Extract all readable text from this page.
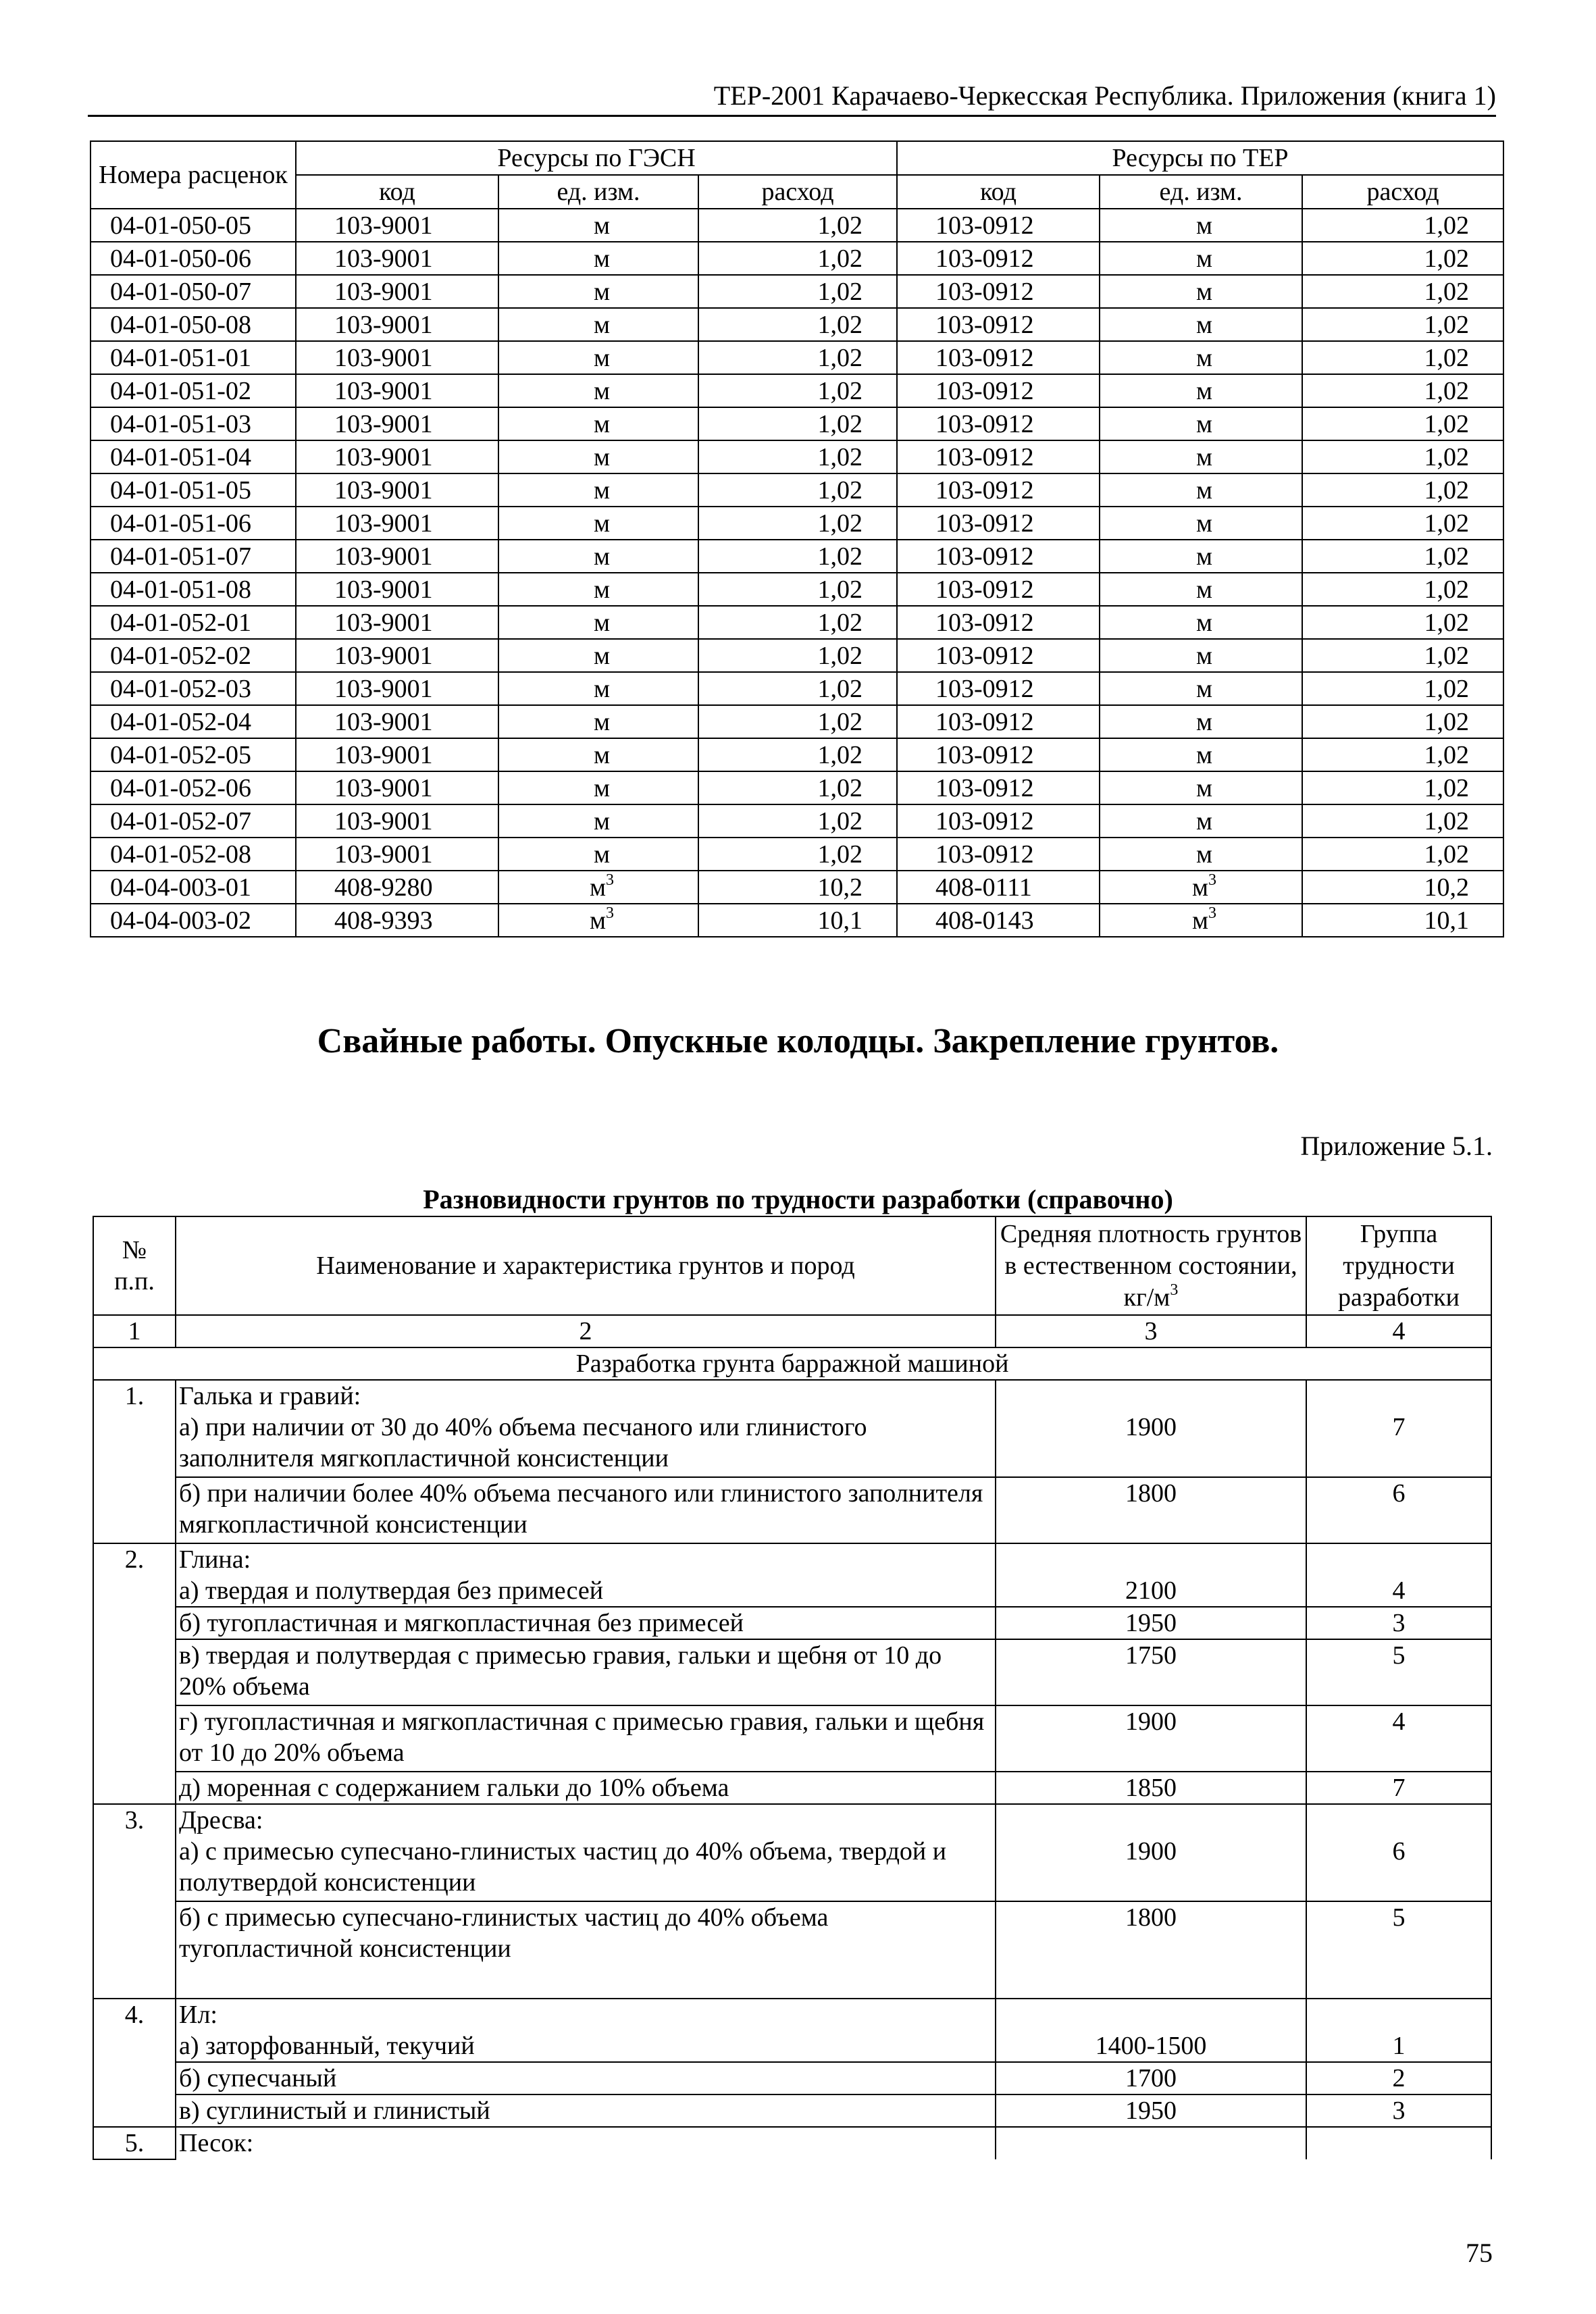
ТЕР-2001 Карачаево-Черкесская Республика. Приложения (книга 1)
Номера расценок	Ресурсы по ГЭСН			Ресурсы по ТЕР		
	код	ед. изм.	расход	код	ед. изм.	расход
04-01-050-05	103-9001	м	1,02	103-0912	м	1,02
04-01-050-06	103-9001	м	1,02	103-0912	м	1,02
04-01-050-07	103-9001	м	1,02	103-0912	м	1,02
04-01-050-08	103-9001	м	1,02	103-0912	м	1,02
04-01-051-01	103-9001	м	1,02	103-0912	м	1,02
04-01-051-02	103-9001	м	1,02	103-0912	м	1,02
04-01-051-03	103-9001	м	1,02	103-0912	м	1,02
04-01-051-04	103-9001	м	1,02	103-0912	м	1,02
04-01-051-05	103-9001	м	1,02	103-0912	м	1,02
04-01-051-06	103-9001	м	1,02	103-0912	м	1,02
04-01-051-07	103-9001	м	1,02	103-0912	м	1,02
04-01-051-08	103-9001	м	1,02	103-0912	м	1,02
04-01-052-01	103-9001	м	1,02	103-0912	м	1,02
04-01-052-02	103-9001	м	1,02	103-0912	м	1,02
04-01-052-03	103-9001	м	1,02	103-0912	м	1,02
04-01-052-04	103-9001	м	1,02	103-0912	м	1,02
04-01-052-05	103-9001	м	1,02	103-0912	м	1,02
04-01-052-06	103-9001	м	1,02	103-0912	м	1,02
04-01-052-07	103-9001	м	1,02	103-0912	м	1,02
04-01-052-08	103-9001	м	1,02	103-0912	м	1,02
04-04-003-01	408-9280	$м^3$	10,2	408-0111	$м^3$	10,2
04-04-003-02	408-9393	$м^3$	10,1	408-0143	$м^3$	10,1
Свайные работы. Опускные колодцы. Закрепление грунтов.
Приложение 5.1.
Разновидности грунтов по трудности разработки (справочно)
№ п.п.	Наименование и характеристика грунтов и пород	Средняя плотность грунтов в естественном состоянии, $кг/м^3$	Группа трудности разработки
1	2	3	4
Разработка грунта барражной машиной			
1.	Галька и гравий:		
	а) при наличии от 30 до 40% объема песчаного или глинистого заполнителя мягкопластичной консистенции	1900	7
	б) при наличии более 40% объема песчаного или глинистого заполнителя мягкопластичной консистенции	1800	6
2.	Глина:		
	а) твердая и полутвердая без примесей	2100	4
	б) тугопластичная и мягкопластичная без примесей	1950	3
	в) твердая и полутвердая с примесью гравия, гальки и щебня от 10 до 20% объема	1750	5
	г) тугопластичная и мягкопластичная с примесью гравия, гальки и щебня от 10 до 20% объема	1900	4
	д) моренная с содержанием гальки до 10% объема	1850	7
3.	Дресва:		
	а) с примесью супесчано-глинистых частиц до 40% объема, твердой и полутвердой консистенции	1900	6
	б) с примесью супесчано-глинистых частиц до 40% объема тугопластичной консистенции	1800	5
4.	Ил:		
	а) заторфованный, текучий	1400-1500	1
	б) супесчаный	1700	2
	в) суглинистый и глинистый	1950	3
5.	Песок:		
75
